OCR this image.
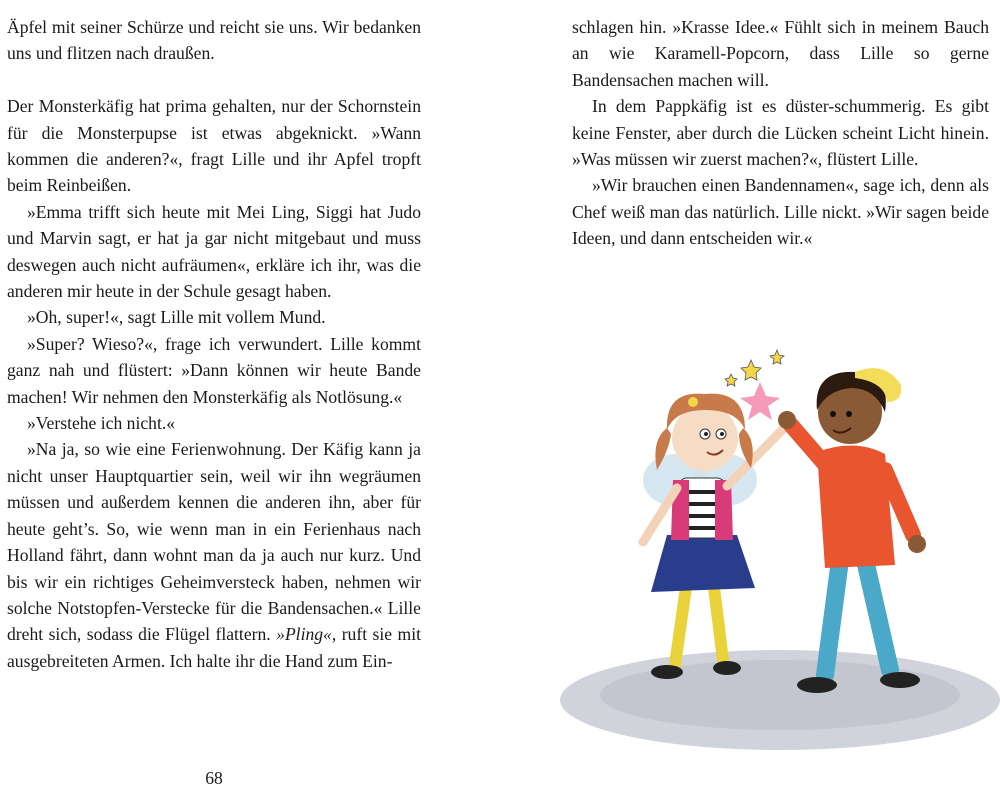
Äpfel mit seiner Schürze und reicht sie uns. Wir bedanken uns und flitzen nach draußen.

Der Monsterkäfig hat prima gehalten, nur der Schornstein für die Monsterpupse ist etwas abgeknickt. »Wann kommen die anderen?«, fragt Lille und ihr Apfel tropft beim Reinbeißen.

»Emma trifft sich heute mit Mei Ling, Siggi hat Judo und Marvin sagt, er hat ja gar nicht mitgebaut und muss deswegen auch nicht aufräumen«, erkläre ich ihr, was die anderen mir heute in der Schule gesagt haben.

»Oh, super!«, sagt Lille mit vollem Mund.

»Super? Wieso?«, frage ich verwundert. Lille kommt ganz nah und flüstert: »Dann können wir heute Bande machen! Wir nehmen den Monsterkäfig als Notlösung.«

»Verstehe ich nicht.«

»Na ja, so wie eine Ferienwohnung. Der Käfig kann ja nicht unser Hauptquartier sein, weil wir ihn wegräumen müssen und außerdem kennen die anderen ihn, aber für heute geht’s. So, wie wenn man in ein Ferienhaus nach Holland fährt, dann wohnt man da ja auch nur kurz. Und bis wir ein richtiges Geheimversteck haben, nehmen wir solche Notstopfen-Verstecke für die Bandensachen.« Lille dreht sich, sodass die Flügel flattern. »Pling«, ruft sie mit ausgebreiteten Armen. Ich halte ihr die Hand zum Ein-

68

schlagen hin. »Krasse Idee.« Fühlt sich in meinem Bauch an wie Karamell-Popcorn, dass Lille so gerne Bandensachen machen will.

In dem Pappkäfig ist es düster-schummerig. Es gibt keine Fenster, aber durch die Lücken scheint Licht hinein. »Was müssen wir zuerst machen?«, flüstert Lille.

»Wir brauchen einen Bandennamen«, sage ich, denn als Chef weiß man das natürlich. Lille nickt. »Wir sagen beide Ideen, und dann entscheiden wir.«
